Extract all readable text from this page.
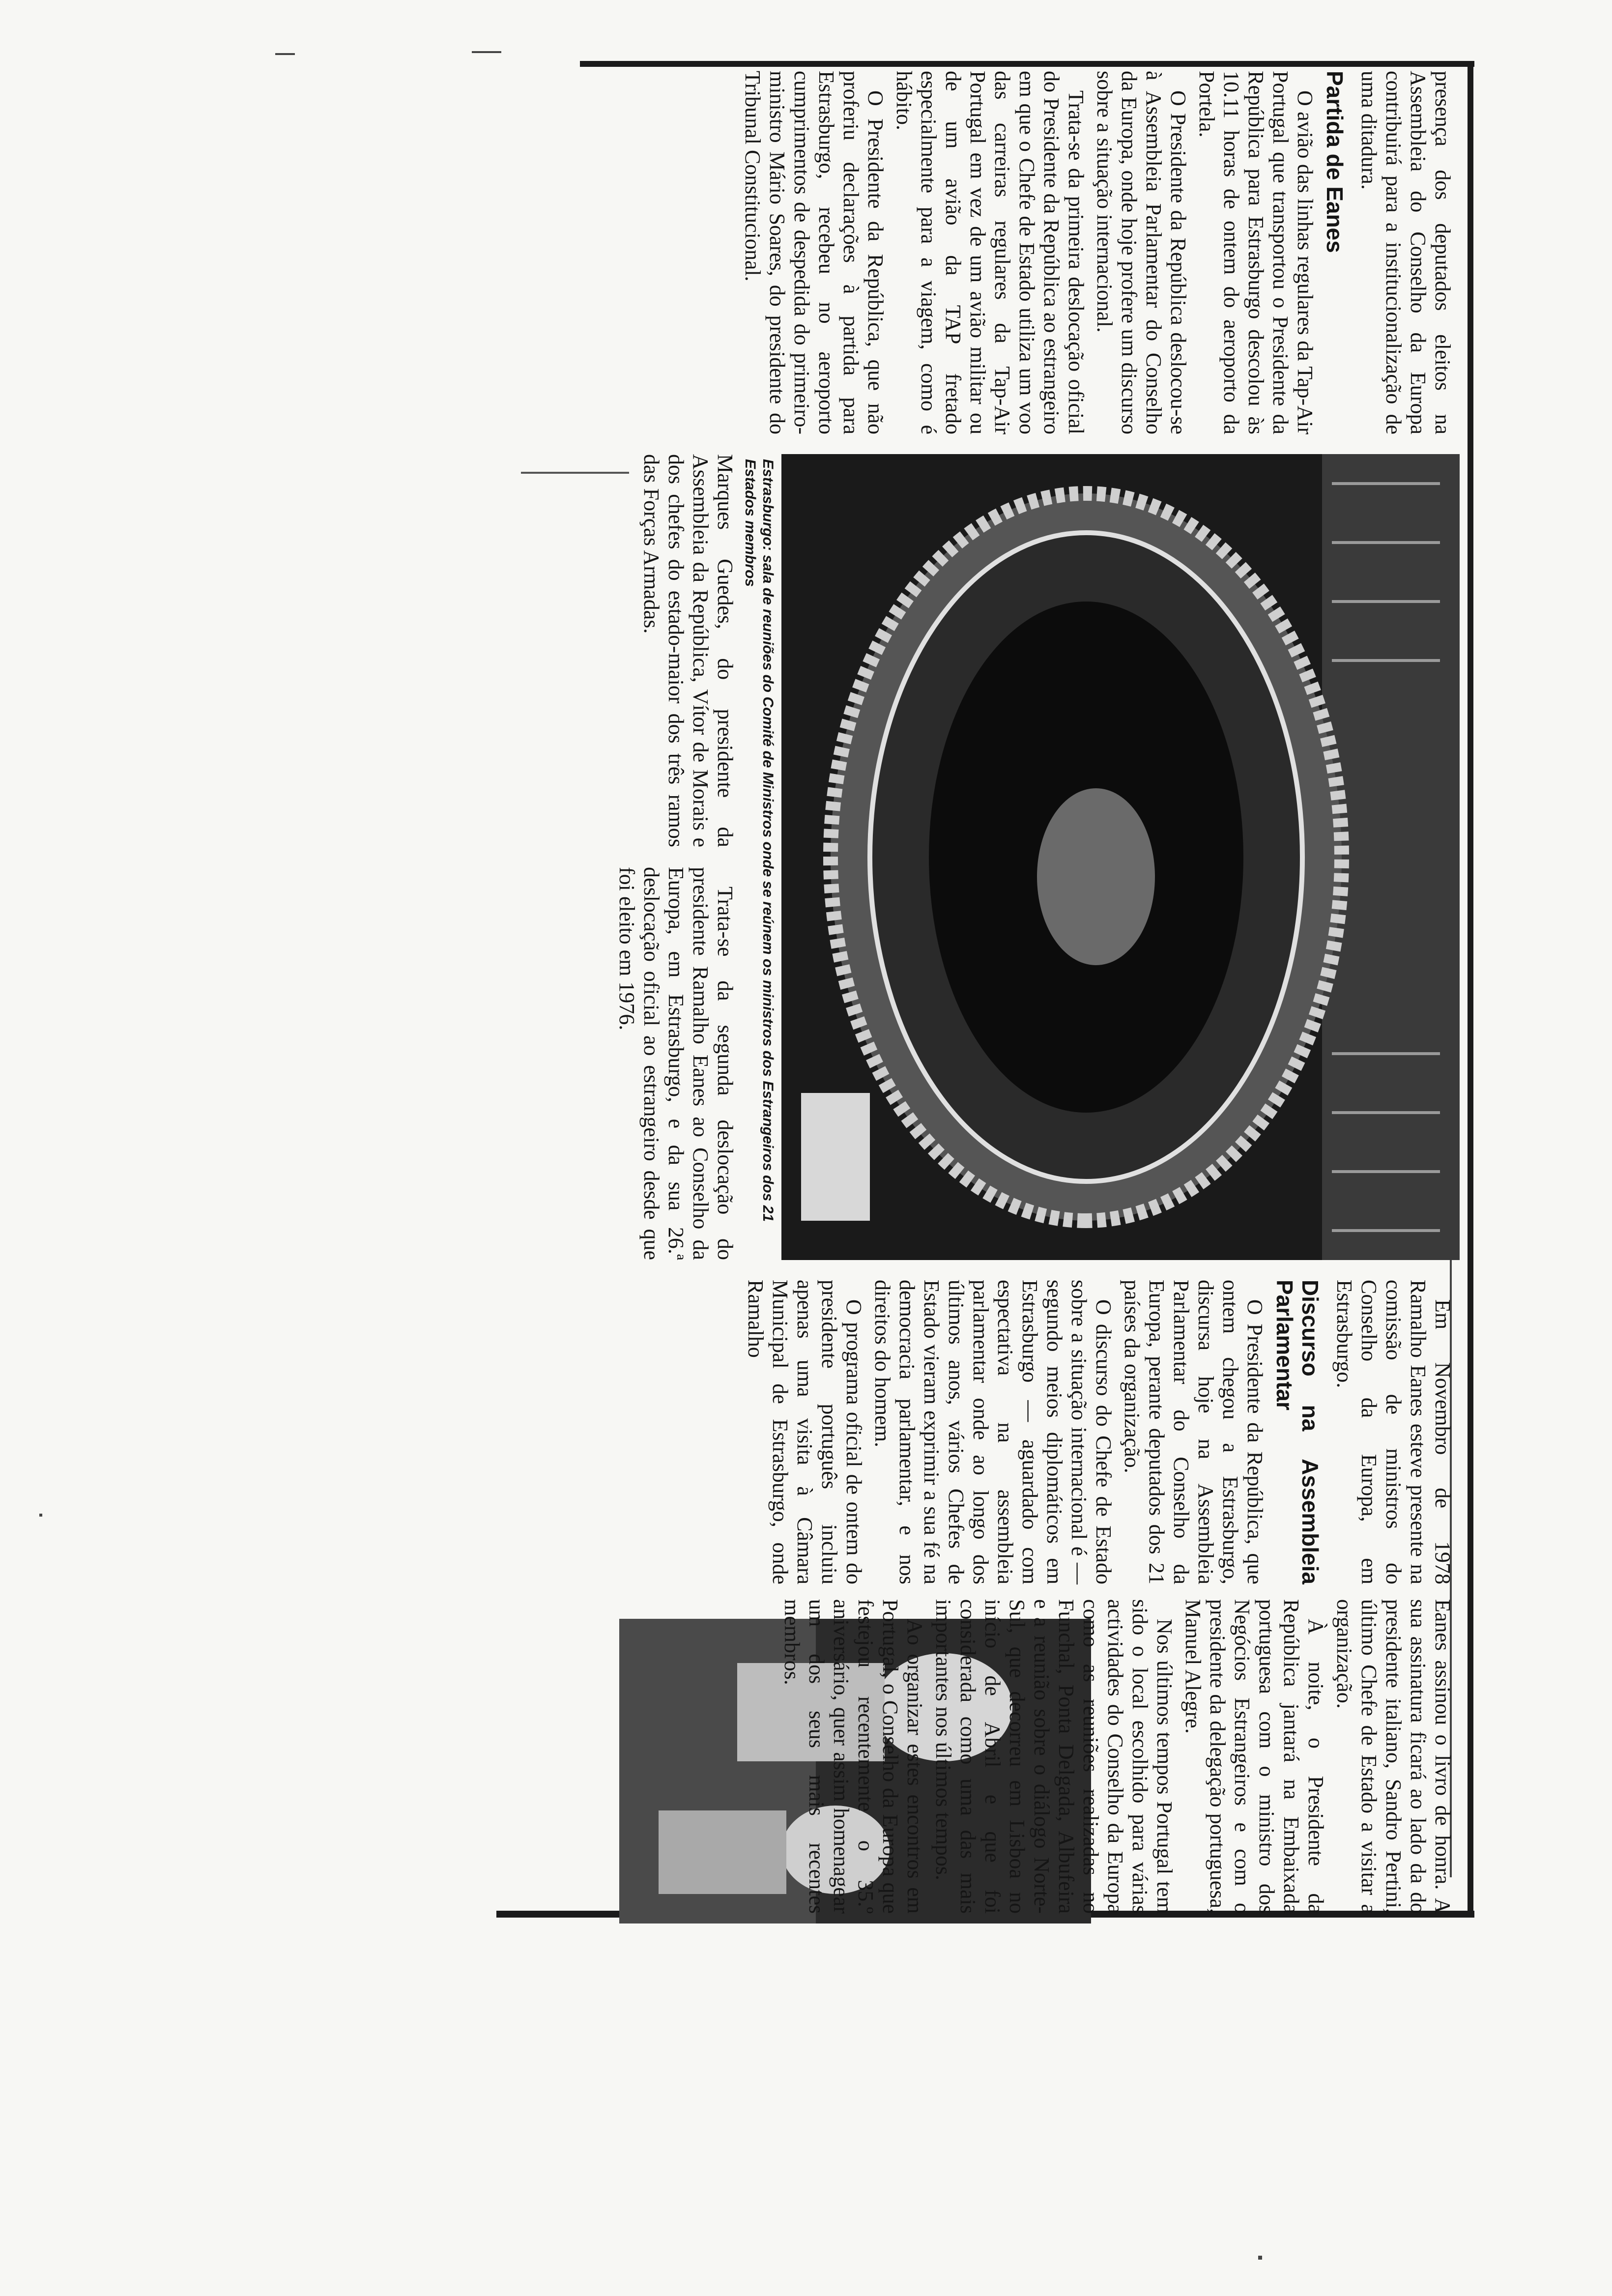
presença dos deputados eleitos na Assembleia do Conselho da Europa contribuirá para a institucionalização de uma ditadura.

Partida de Eanes

O avião das linhas regulares da Tap-Air Portugal que transportou o Presidente da República para Estrasburgo descolou às 10.11 horas de ontem do aeroporto da Portela.

O Presidente da República deslocou-se à Assembleia Parlamentar do Conselho da Europa, onde hoje profere um discurso sobre a situação internacional.

Trata-se da primeira deslocação oficial do Presidente da República ao estrangeiro em que o Chefe de Estado utiliza um voo das carreiras regulares da Tap-Air Portugal em vez de um avião militar ou de um avião da TAP fretado especialmente para a viagem, como é hábito.

O Presidente da República, que não proferiu declarações à partida para Estrasburgo, recebeu no aeroporto cumprimentos de despedida do primeiro-ministro Mário Soares, do presidente do Tribunal Constitucional.

Estrasburgo: sala de reuniões do Comité de Ministros onde se reúnem os ministros dos Estrangeiros dos 21 Estados membros

Marques Guedes, do presidente da Assembleia da República, Vítor de Morais e dos chefes do estado-maior dos três ramos das Forças Armadas.

Trata-se da segunda deslocação do presidente Ramalho Eanes ao Conselho da Europa, em Estrasburgo, e da sua 26.ª deslocação oficial ao estrangeiro desde que foi eleito em 1976.

Em Novembro de 1978 Ramalho Eanes esteve presente na comissão de ministros do Conselho da Europa, em Estrasburgo.

Discurso na Assembleia Parlamentar

O Presidente da República, que ontem chegou a Estrasburgo, discursa hoje na Assembleia Parlamentar do Conselho da Europa, perante deputados dos 21 países da organização.

O discurso do Chefe de Estado sobre a situação internacional é — segundo meios diplomáticos em Estrasburgo — aguardado com espectativa na assembleia parlamentar onde ao longo dos últimos anos, vários Chefes de Estado vieram exprimir a sua fé na democracia parlamentar, e nos direitos do homem.

O programa oficial de ontem do presidente português incluiu apenas uma visita à Câmara Municipal de Estrasburgo, onde Ramalho

Eanes assinou o livro de honra. A sua assinatura ficará ao lado da do presidente italiano, Sandro Pertini, último Chefe de Estado a visitar a organização.

À noite, o Presidente da República jantará na Embaixada portuguesa com o ministro dos Negócios Estrangeiros e com o presidente da delegação portuguesa, Manuel Alegre.

Nos últimos tempos Portugal tem sido o local escolhido para várias actividades do Conselho da Europa como as reuniões realizadas no Funchal, Ponta Delgada, Albufeira e a reunião sobre o diálogo Norte-Sul, que decorreu em Lisboa no início de Abril e que foi considerada como uma das mais importantes nos últimos tempos.

Ao organizar estes encontros em Portugal, o Conselho da Europa que festejou recentemente o 35.º aniversário, quer assim homenagear um dos seus mais recentes membros.
